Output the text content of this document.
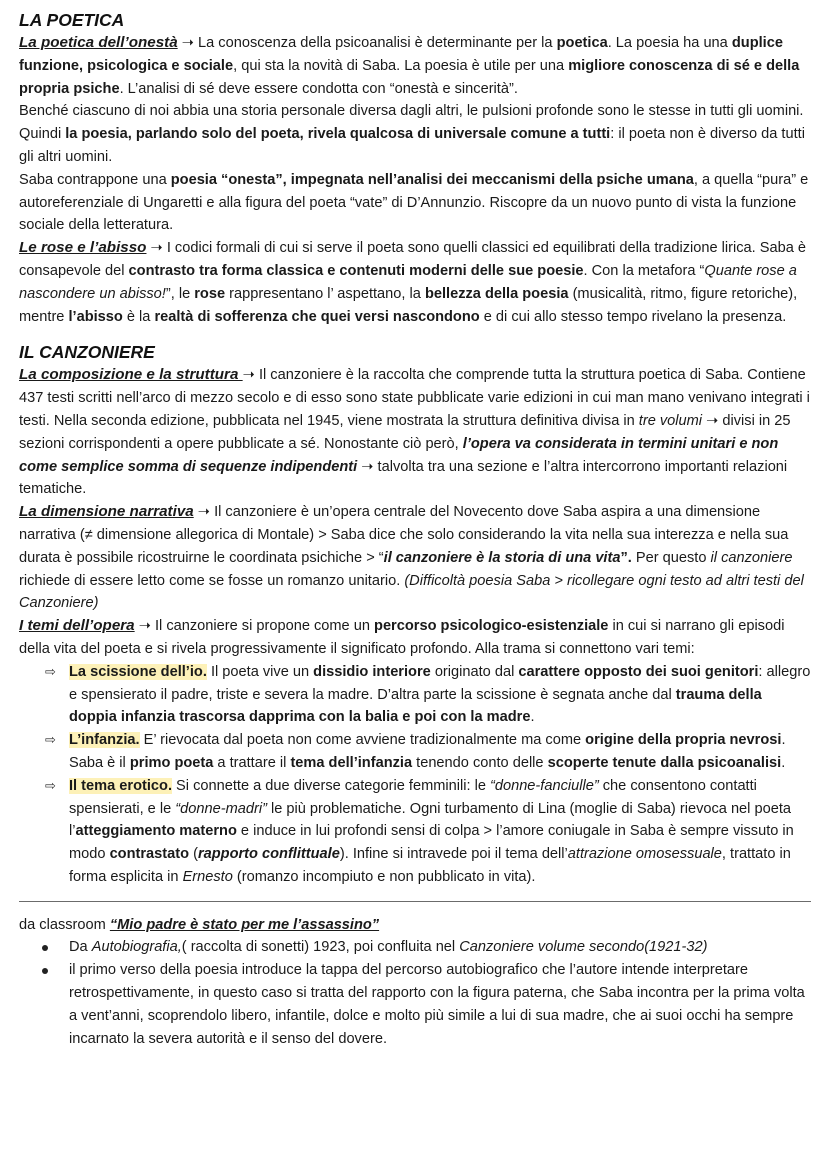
LA POETICA

La poetica dell’onestà ➝ La conoscenza della psicoanalisi è determinante per la poetica. La poesia ha una duplice funzione, psicologica e sociale, qui sta la novità di Saba. La poesia è utile per una migliore conoscenza di sé e della propria psiche. L’analisi di sé deve essere condotta con “onestà e sincerità”.

Benché ciascuno di noi abbia una storia personale diversa dagli altri, le pulsioni profonde sono le stesse in tutti gli uomini. Quindi la poesia, parlando solo del poeta, rivela qualcosa di universale comune a tutti: il poeta non è diverso da tutti gli altri uomini.

Saba contrappone una poesia “onesta”, impegnata nell’analisi dei meccanismi della psiche umana, a quella “pura” e autoreferenziale di Ungaretti e alla figura del poeta “vate” di D’Annunzio. Riscopre da un nuovo punto di vista la funzione sociale della letteratura.

Le rose e l’abisso ➝ I codici formali di cui si serve il poeta sono quelli classici ed equilibrati della tradizione lirica. Saba è consapevole del contrasto tra forma classica e contenuti moderni delle sue poesie. Con la metafora “Quante rose a nascondere un abisso!”, le rose rappresentano l’ aspettano, la bellezza della poesia (musicalità, ritmo, figure retoriche), mentre l’abisso è la realtà di sofferenza che quei versi nascondono e di cui allo stesso tempo rivelano la presenza.

IL CANZONIERE

La composizione e la struttura ➝ Il canzoniere è la raccolta che comprende tutta la struttura poetica di Saba. Contiene 437 testi scritti nell’arco di mezzo secolo e di esso sono state pubblicate varie edizioni in cui man mano venivano integrati i testi. Nella seconda edizione, pubblicata nel 1945, viene mostrata la struttura definitiva divisa in tre volumi ➝ divisi in 25 sezioni corrispondenti a opere pubblicate a sé. Nonostante ciò però, l’opera va considerata in termini unitari e non come semplice somma di sequenze indipendenti ➝ talvolta tra una sezione e l’altra intercorrono importanti relazioni tematiche.

La dimensione narrativa ➝ Il canzoniere è un’opera centrale del Novecento dove Saba aspira a una dimensione narrativa (≠ dimensione allegorica di Montale) > Saba dice che solo considerando la vita nella sua interezza e nella sua durata è possibile ricostruirne le coordinata psichiche > “il canzoniere è la storia di una vita”. Per questo il canzoniere richiede di essere letto come se fosse un romanzo unitario. (Difficoltà poesia Saba > ricollegare ogni testo ad altri testi del Canzoniere)

I temi dell’opera ➝ Il canzoniere si propone come un percorso psicologico-esistenziale in cui si narrano gli episodi della vita del poeta e si rivela progressivamente il significato profondo. Alla trama si connettono vari temi:

⇨ La scissione dell’io. Il poeta vive un dissidio interiore originato dal carattere opposto dei suoi genitori: allegro e spensierato il padre, triste e severa la madre. D’altra parte la scissione è segnata anche dal trauma della doppia infanzia trascorsa dapprima con la balia e poi con la madre.
⇨ L’infanzia. E’ rievocata dal poeta non come avviene tradizionalmente ma come origine della propria nevrosi. Saba è il primo poeta a trattare il tema dell’infanzia tenendo conto delle scoperte tenute dalla psicoanalisi.
⇨ Il tema erotico. Si connette a due diverse categorie femminili: le “donne-fanciulle” che consentono contatti spensierati, e le “donne-madri” le più problematiche. Ogni turbamento di Lina (moglie di Saba) rievoca nel poeta l’atteggiamento materno e induce in lui profondi sensi di colpa > l’amore coniugale in Saba è sempre vissuto in modo contrastato (rapporto conflittuale). Infine si intravede poi il tema dell’attrazione omosessuale, trattato in forma esplicita in Ernesto (romanzo incompiuto e non pubblicato in vita).

da classroom “Mio padre è stato per me l’assassino”

Da Autobiografia,( raccolta di sonetti) 1923, poi confluita nel Canzoniere volume secondo(1921-32)
il primo verso della poesia introduce la tappa del percorso autobiografico che l’autore intende interpretare retrospettivamente, in questo caso si tratta del rapporto con la figura paterna, che Saba incontra per la prima volta a vent’anni, scoprendolo libero, infantile, dolce e molto più simile a lui di sua madre, che ai suoi occhi ha sempre incarnato la severa autorità e il senso del dovere.
